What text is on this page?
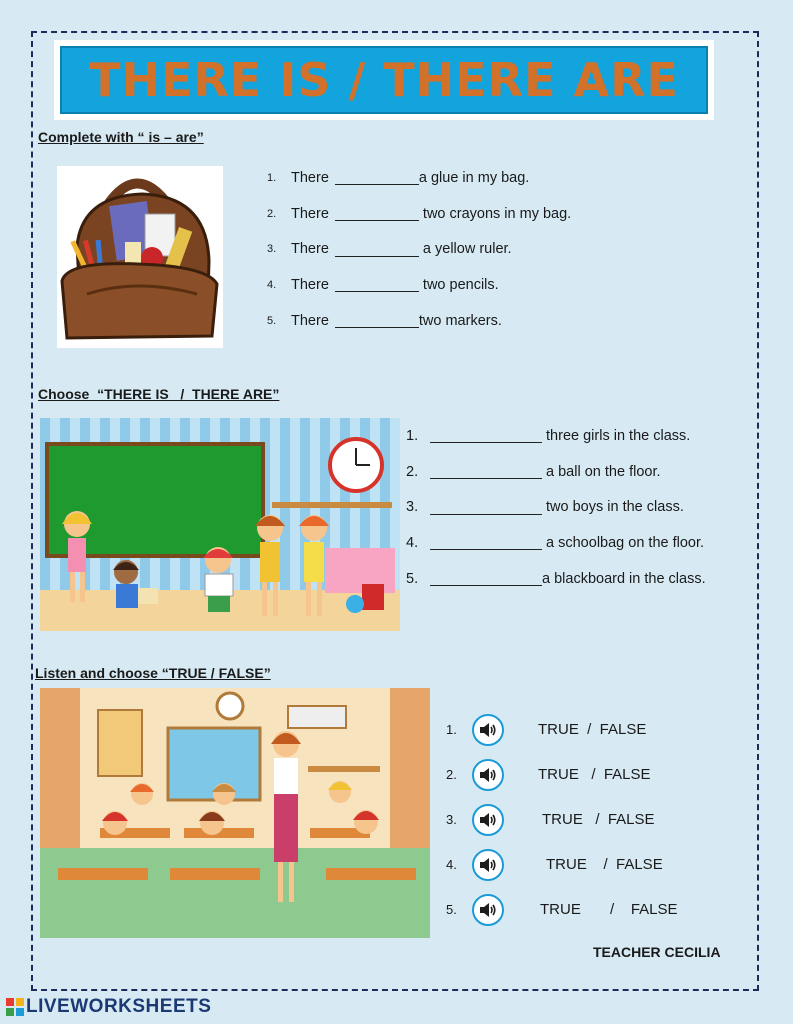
THERE IS / THERE ARE
Complete with “ is – are”
1.	There	a glue in my bag.
2.	There	two crayons in my bag.
3.	There	a yellow ruler.
4.	There	two pencils.
5.	There	two markers.
Choose  “THERE IS   /  THERE ARE”
1.	three girls in the class.
2.	a ball on the floor.
3.	two boys in the class.
4.	a schoolbag on the floor.
5.	a blackboard in the class.
Listen and choose “TRUE / FALSE”
1.	TRUE  /  FALSE
2.	TRUE   /  FALSE
3.	TRUE   /  FALSE
4.	TRUE    /  FALSE
5.	TRUE       /    FALSE
TEACHER CECILIA
LIVEWORKSHEETS
